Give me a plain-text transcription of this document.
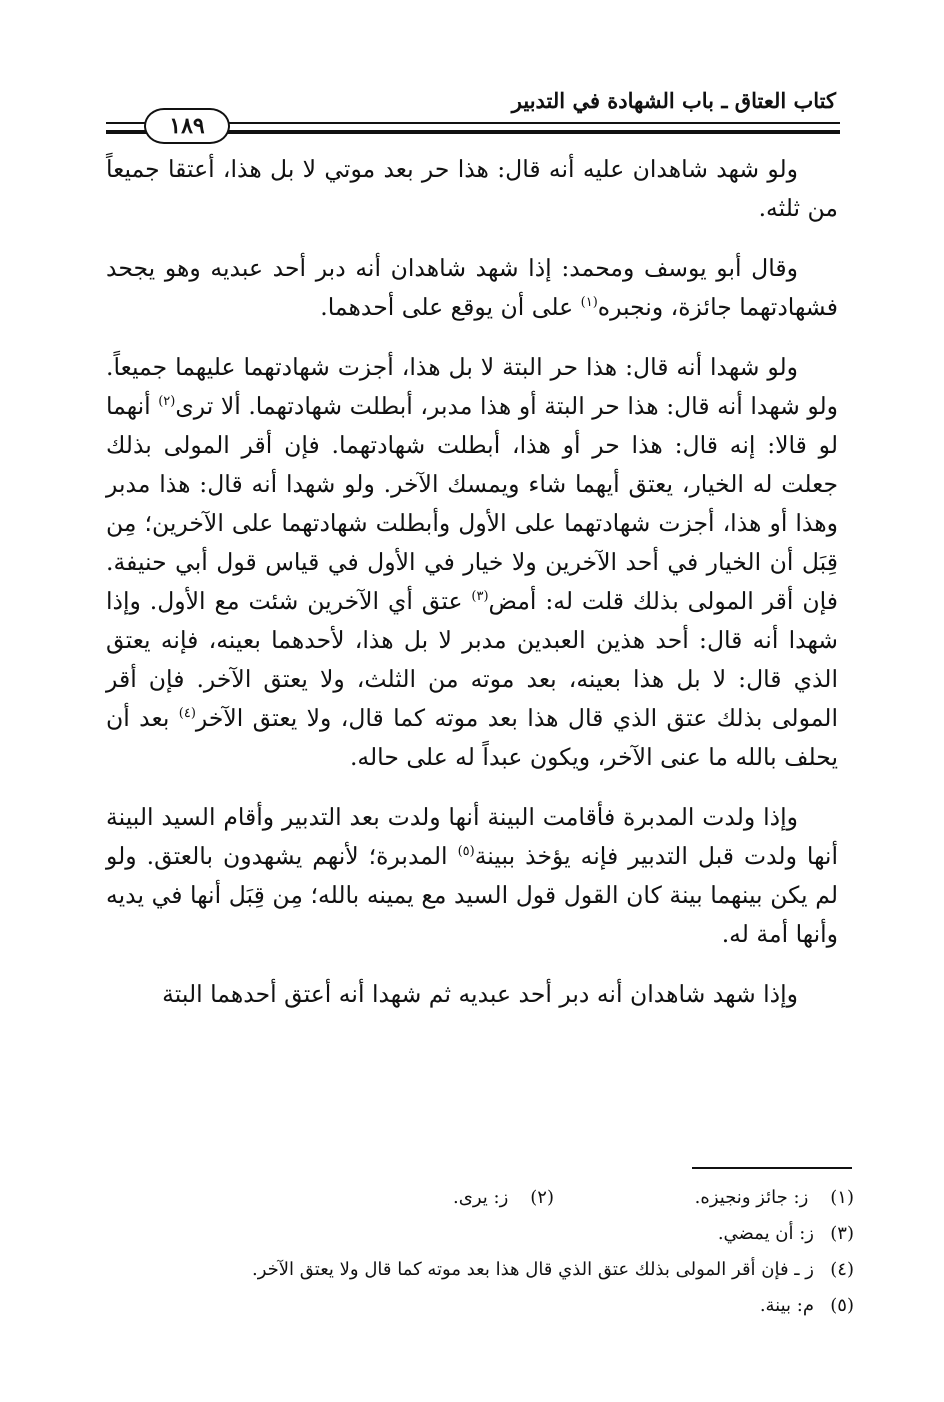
كتاب العتاق ـ باب الشهادة في التدبير
١٨٩

ولو شهد شاهدان عليه أنه قال: هذا حر بعد موتي لا بل هذا، أعتقا جميعاً من ثلثه.

وقال أبو يوسف ومحمد: إذا شهد شاهدان أنه دبر أحد عبديه وهو يجحد فشهادتهما جائزة، ونجبره$^{(١)}$ على أن يوقع على أحدهما.

ولو شهدا أنه قال: هذا حر البتة لا بل هذا، أجزت شهادتهما عليهما جميعاً. ولو شهدا أنه قال: هذا حر البتة أو هذا مدبر، أبطلت شهادتهما. ألا ترى$^{(٢)}$ أنهما لو قالا: إنه قال: هذا حر أو هذا، أبطلت شهادتهما. فإن أقر المولى بذلك جعلت له الخيار، يعتق أيهما شاء ويمسك الآخر. ولو شهدا أنه قال: هذا مدبر وهذا أو هذا، أجزت شهادتهما على الأول وأبطلت شهادتهما على الآخرين؛ مِن قِبَل أن الخيار في أحد الآخرين ولا خيار في الأول في قياس قول أبي حنيفة. فإن أقر المولى بذلك قلت له: أمض$^{(٣)}$ عتق أي الآخرين شئت مع الأول. وإذا شهدا أنه قال: أحد هذين العبدين مدبر لا بل هذا، لأحدهما بعينه، فإنه يعتق الذي قال: لا بل هذا بعينه، بعد موته من الثلث، ولا يعتق الآخر. فإن أقر المولى بذلك عتق الذي قال هذا بعد موته كما قال، ولا يعتق الآخر$^{(٤)}$ بعد أن يحلف بالله ما عنى الآخر، ويكون عبداً له على حاله.

وإذا ولدت المدبرة فأقامت البينة أنها ولدت بعد التدبير وأقام السيد البينة أنها ولدت قبل التدبير فإنه يؤخذ ببينة$^{(٥)}$ المدبرة؛ لأنهم يشهدون بالعتق. ولو لم يكن بينهما بينة كان القول قول السيد مع يمينه بالله؛ مِن قِبَل أنها في يديه وأنها أمة له.

وإذا شهد شاهدان أنه دبر أحد عبديه ثم شهدا أنه أعتق أحدهما البتة

(١) ز: جائز ونجيزه.
(٢) ز: يرى.
(٣)
ز: أن يمضي.
(٤)
ز ـ فإن أقر المولى بذلك عتق الذي قال هذا بعد موته كما قال ولا يعتق الآخر.
(٥)
م: بينة.
